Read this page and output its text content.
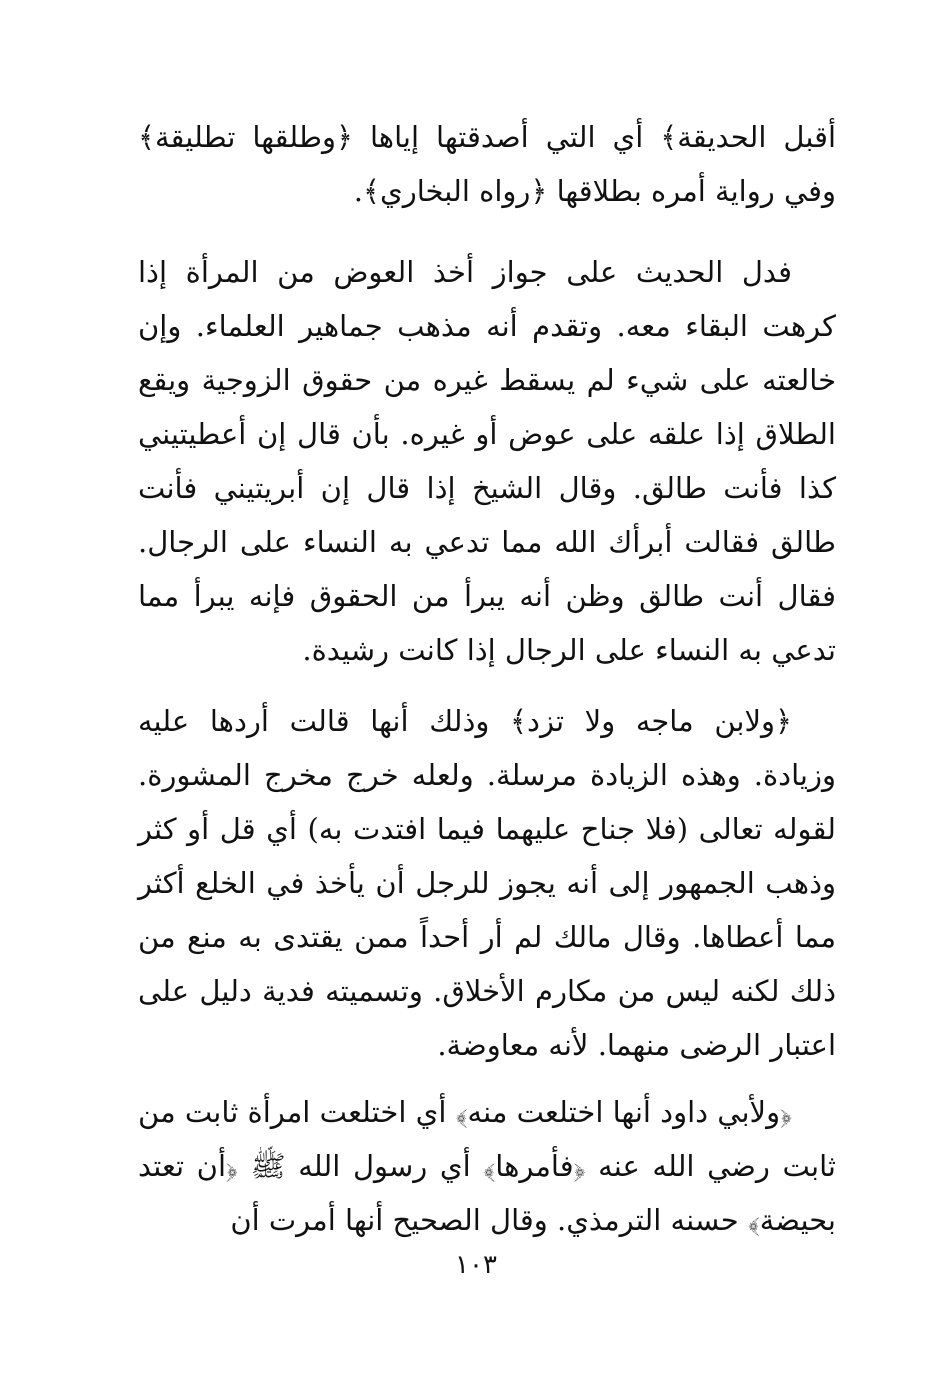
أقبل الحديقة﴾ أي التي أصدقتها إياها ﴿وطلقها تطليقة﴾ وفي رواية أمره بطلاقها ﴿رواه البخاري﴾.

فدل الحديث على جواز أخذ العوض من المرأة إذا كرهت البقاء معه. وتقدم أنه مذهب جماهير العلماء. وإن خالعته على شيء لم يسقط غيره من حقوق الزوجية ويقع الطلاق إذا علقه على عوض أو غيره. بأن قال إن أعطيتيني كذا فأنت طالق. وقال الشيخ إذا قال إن أبريتيني فأنت طالق فقالت أبرأك الله مما تدعي به النساء على الرجال. فقال أنت طالق وظن أنه يبرأ من الحقوق فإنه يبرأ مما تدعي به النساء على الرجال إذا كانت رشيدة.

﴿ولابن ماجه ولا تزد﴾ وذلك أنها قالت أردها عليه وزيادة. وهذه الزيادة مرسلة. ولعله خرج مخرج المشورة. لقوله تعالى (فلا جناح عليهما فيما افتدت به) أي قل أو كثر وذهب الجمهور إلى أنه يجوز للرجل أن يأخذ في الخلع أكثر مما أعطاها. وقال مالك لم أر أحداً ممن يقتدى به منع من ذلك لكنه ليس من مكارم الأخلاق. وتسميته فدية دليل على اعتبار الرضى منهما. لأنه معاوضة.

﴿ولأبي داود أنها اختلعت منه﴾ أي اختلعت امرأة ثابت من ثابت رضي الله عنه ﴿فأمرها﴾ أي رسول الله ﷺ ﴿أن تعتد بحيضة﴾ حسنه الترمذي. وقال الصحيح أنها أمرت أن

١٠٣
